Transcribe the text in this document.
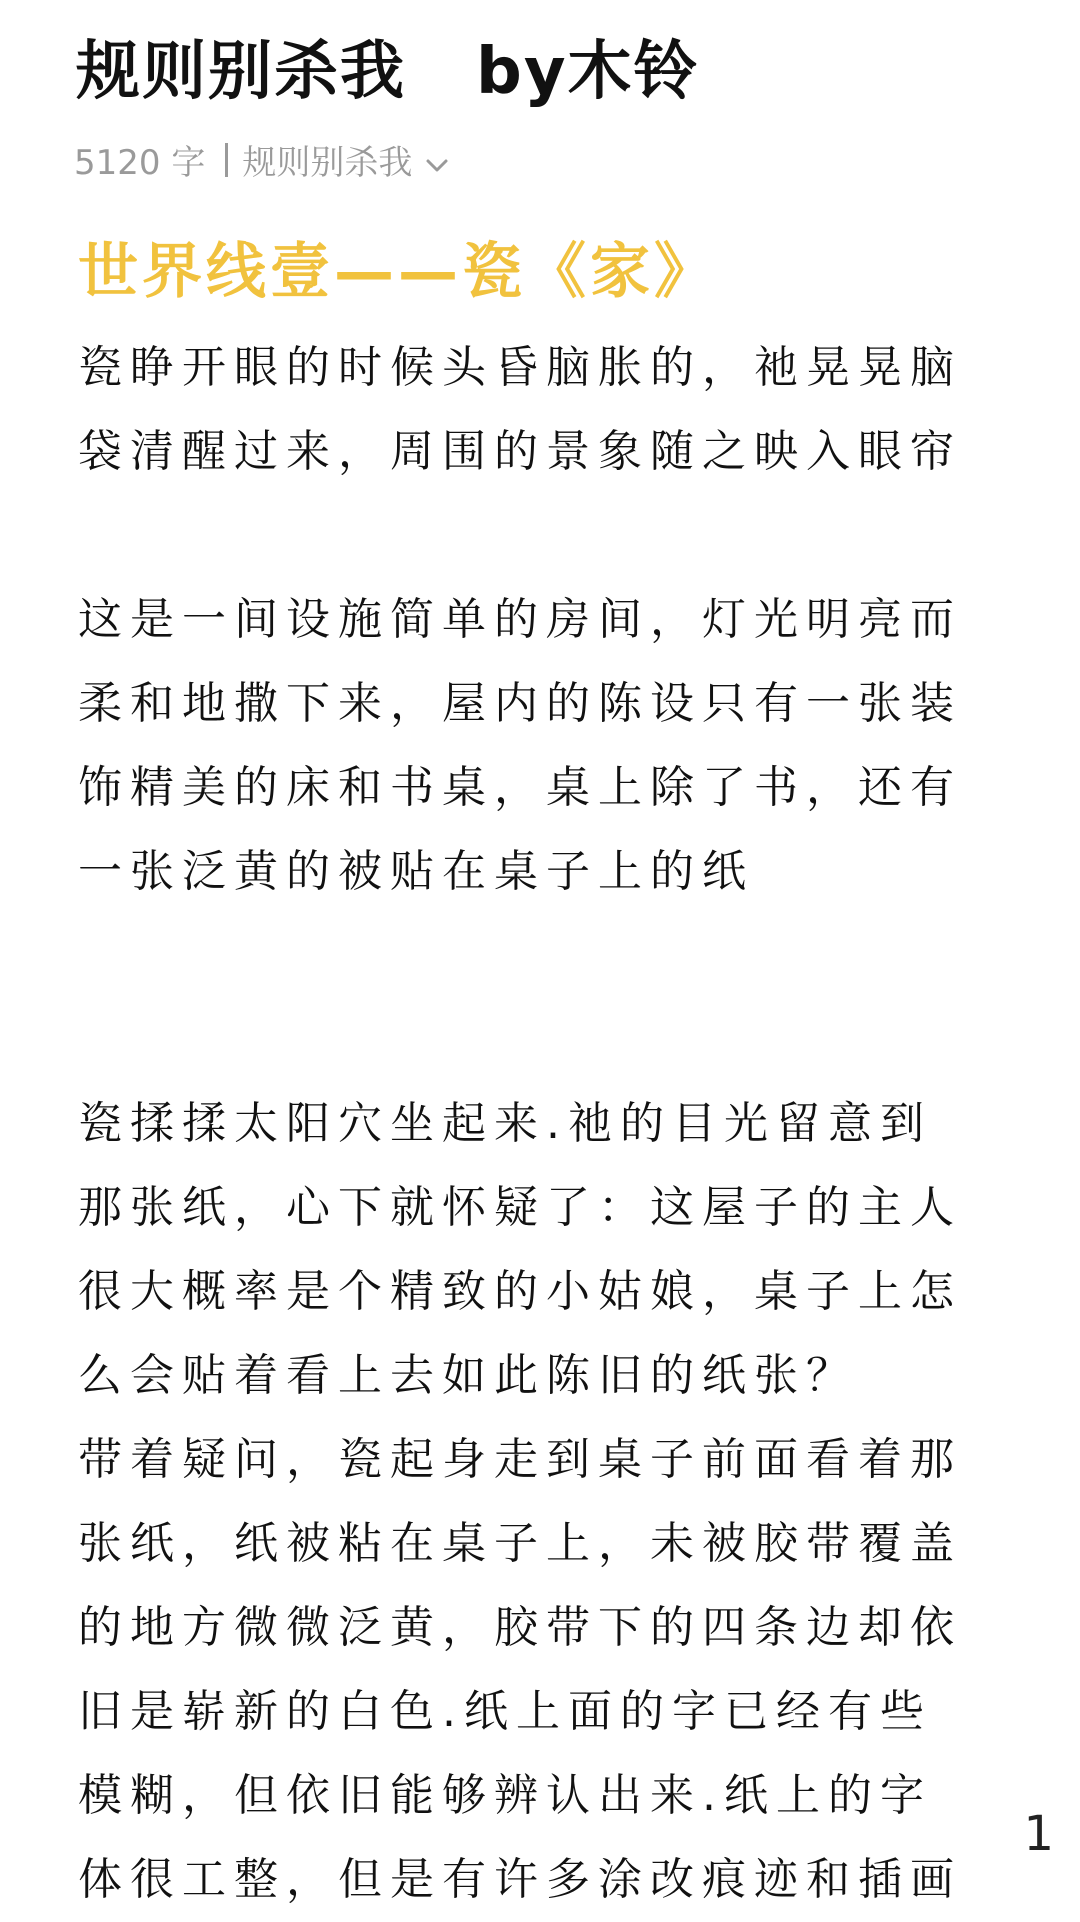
规则别杀我 by木铃
5120 字 规则别杀我
世界线壹——瓷《家》
瓷睁开眼的时候头昏脑胀的，祂晃晃脑
袋清醒过来，周围的景象随之映入眼帘
这是一间设施简单的房间，灯光明亮而
柔和地撒下来，屋内的陈设只有一张装
饰精美的床和书桌，桌上除了书，还有
一张泛黄的被贴在桌子上的纸
瓷揉揉太阳穴坐起来.祂的目光留意到
那张纸，心下就怀疑了：这屋子的主人
很大概率是个精致的小姑娘，桌子上怎
么会贴着看上去如此陈旧的纸张？
带着疑问，瓷起身走到桌子前面看着那
张纸，纸被粘在桌子上，未被胶带覆盖
的地方微微泛黄，胶带下的四条边却依
旧是崭新的白色.纸上面的字已经有些
模糊，但依旧能够辨认出来.纸上的字
体很工整，但是有许多涂改痕迹和插画
1
